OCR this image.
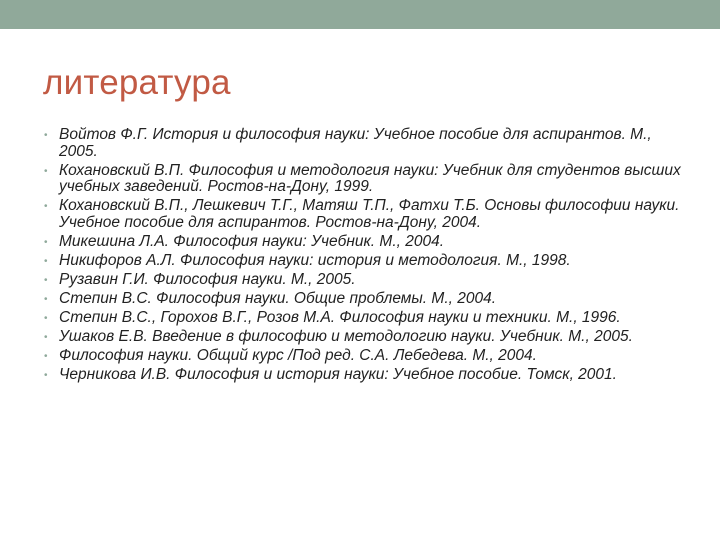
литература
• Войтов Ф.Г. История и философия науки: Учебное пособие для аспирантов. М., 2005.
• Кохановский В.П. Философия и методология науки: Учебник для студентов высших учебных заведений. Ростов-на-Дону, 1999.
• Кохановский В.П., Лешкевич Т.Г., Матяш Т.П., Фатхи Т.Б. Основы философии науки. Учебное пособие для аспирантов. Ростов-на-Дону, 2004.
• Микешина Л.А. Философия науки: Учебник. М., 2004.
• Никифоров А.Л. Философия науки: история и методология. М., 1998.
• Рузавин Г.И. Философия науки. М., 2005.
• Степин В.С. Философия науки. Общие проблемы. М., 2004.
• Степин В.С., Горохов В.Г., Розов М.А. Философия науки и техники. М., 1996.
• Ушаков Е.В. Введение в философию и методологию науки. Учебник. М., 2005.
• Философия науки. Общий курс /Под ред. С.А. Лебедева. М., 2004.
• Черникова И.В. Философия и история науки: Учебное пособие. Томск, 2001.
